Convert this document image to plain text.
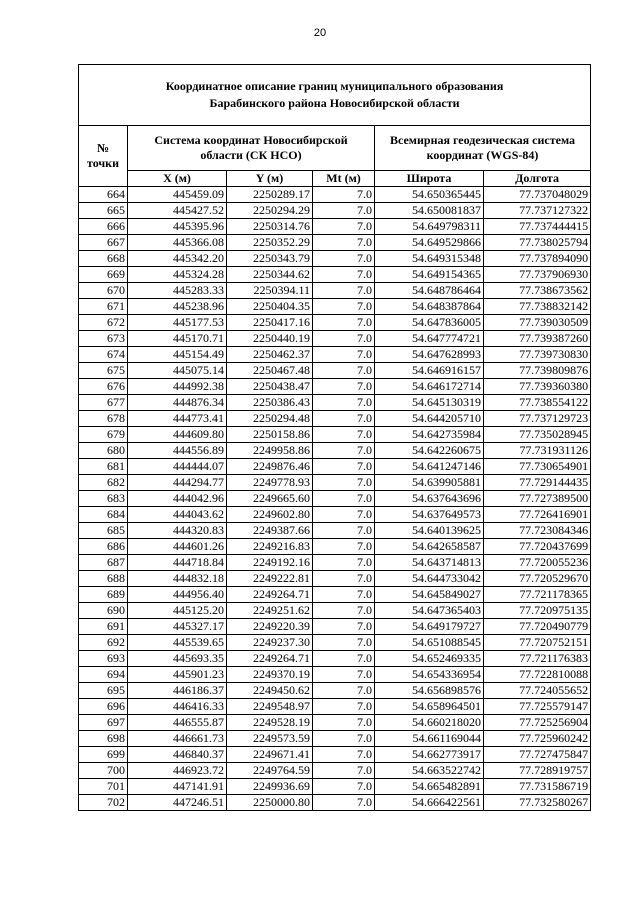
20
Координатное описание границ муниципального образования
Барабинского района Новосибирской области					
№
точки	Система координат Новосибирской
области (СК НСО)			Всемирная геодезическая система
координат (WGS-84)	
	X (м)	Y (м)	Mt (м)	Широта	Долгота
664	445459.09	2250289.17	7.0	54.650365445	77.737048029
665	445427.52	2250294.29	7.0	54.650081837	77.737127322
666	445395.96	2250314.76	7.0	54.649798311	77.737444415
667	445366.08	2250352.29	7.0	54.649529866	77.738025794
668	445342.20	2250343.79	7.0	54.649315348	77.737894090
669	445324.28	2250344.62	7.0	54.649154365	77.737906930
670	445283.33	2250394.11	7.0	54.648786464	77.738673562
671	445238.96	2250404.35	7.0	54.648387864	77.738832142
672	445177.53	2250417.16	7.0	54.647836005	77.739030509
673	445170.71	2250440.19	7.0	54.647774721	77.739387260
674	445154.49	2250462.37	7.0	54.647628993	77.739730830
675	445075.14	2250467.48	7.0	54.646916157	77.739809876
676	444992.38	2250438.47	7.0	54.646172714	77.739360380
677	444876.34	2250386.43	7.0	54.645130319	77.738554122
678	444773.41	2250294.48	7.0	54.644205710	77.737129723
679	444609.80	2250158.86	7.0	54.642735984	77.735028945
680	444556.89	2249958.86	7.0	54.642260675	77.731931126
681	444444.07	2249876.46	7.0	54.641247146	77.730654901
682	444294.77	2249778.93	7.0	54.639905881	77.729144435
683	444042.96	2249665.60	7.0	54.637643696	77.727389500
684	444043.62	2249602.80	7.0	54.637649573	77.726416901
685	444320.83	2249387.66	7.0	54.640139625	77.723084346
686	444601.26	2249216.83	7.0	54.642658587	77.720437699
687	444718.84	2249192.16	7.0	54.643714813	77.720055236
688	444832.18	2249222.81	7.0	54.644733042	77.720529670
689	444956.40	2249264.71	7.0	54.645849027	77.721178365
690	445125.20	2249251.62	7.0	54.647365403	77.720975135
691	445327.17	2249220.39	7.0	54.649179727	77.720490779
692	445539.65	2249237.30	7.0	54.651088545	77.720752151
693	445693.35	2249264.71	7.0	54.652469335	77.721176383
694	445901.23	2249370.19	7.0	54.654336954	77.722810088
695	446186.37	2249450.62	7.0	54.656898576	77.724055652
696	446416.33	2249548.97	7.0	54.658964501	77.725579147
697	446555.87	2249528.19	7.0	54.660218020	77.725256904
698	446661.73	2249573.59	7.0	54.661169044	77.725960242
699	446840.37	2249671.41	7.0	54.662773917	77.727475847
700	446923.72	2249764.59	7.0	54.663522742	77.728919757
701	447141.91	2249936.69	7.0	54.665482891	77.731586719
702	447246.51	2250000.80	7.0	54.666422561	77.732580267
